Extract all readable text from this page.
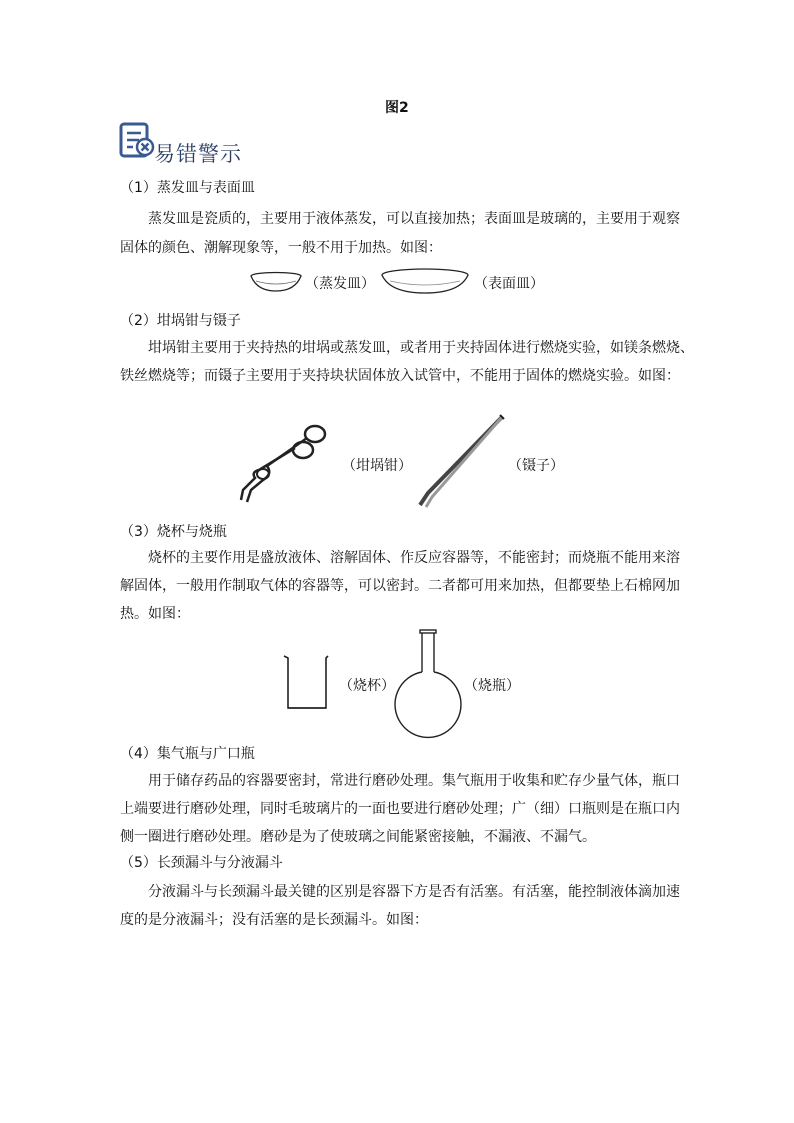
图2
易错警示
（1）蒸发皿与表面皿
蒸发皿是瓷质的，主要用于液体蒸发，可以直接加热；表面皿是玻璃的，主要用于观察
固体的颜色、潮解现象等，一般不用于加热。如图：
（蒸发皿）	（表面皿）
（2）坩埚钳与镊子
坩埚钳主要用于夹持热的坩埚或蒸发皿，或者用于夹持固体进行燃烧实验，如镁条燃烧、
铁丝燃烧等；而镊子主要用于夹持块状固体放入试管中，不能用于固体的燃烧实验。如图：
（坩埚钳）	（镊子）
（3）烧杯与烧瓶
烧杯的主要作用是盛放液体、溶解固体、作反应容器等，不能密封；而烧瓶不能用来溶
解固体，一般用作制取气体的容器等，可以密封。二者都可用来加热，但都要垫上石棉网加
热。如图：
（烧杯）	（烧瓶）
（4）集气瓶与广口瓶
用于储存药品的容器要密封，常进行磨砂处理。集气瓶用于收集和贮存少量气体，瓶口
上端要进行磨砂处理，同时毛玻璃片的一面也要进行磨砂处理；广（细）口瓶则是在瓶口内
侧一圈进行磨砂处理。磨砂是为了使玻璃之间能紧密接触，不漏液、不漏气。
（5）长颈漏斗与分液漏斗
分液漏斗与长颈漏斗最关键的区别是容器下方是否有活塞。有活塞，能控制液体滴加速
度的是分液漏斗；没有活塞的是长颈漏斗。如图：
